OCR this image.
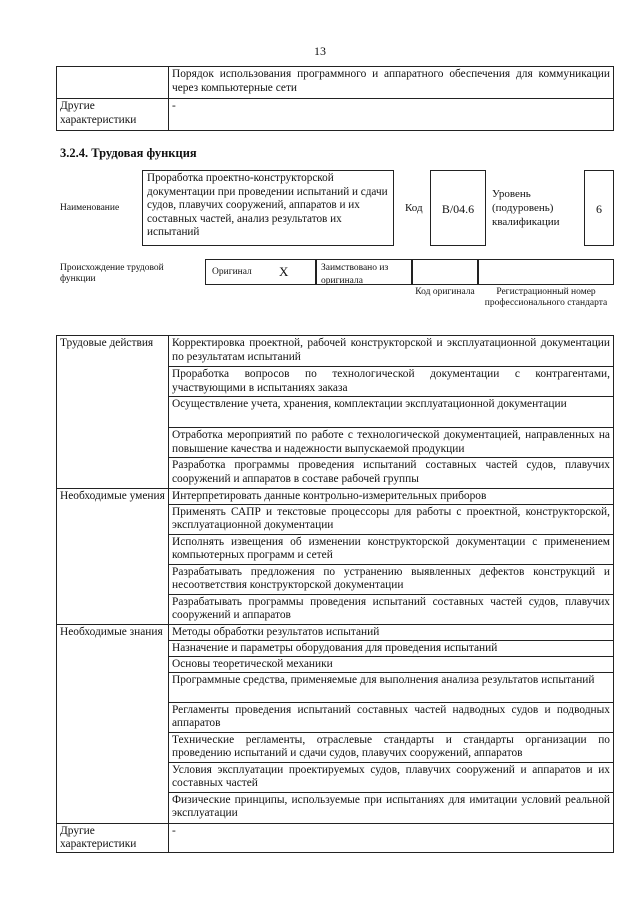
13
	Порядок использования программного и аппаратного обеспечения для коммуникации через компьютерные сети
Другие характеристики	-
3.2.4. Трудовая функция
Наименование
Проработка проектно-конструкторской документации при проведении испытаний и сдачи судов, плавучих сооружений, аппаратов и их составных частей, анализ результатов их испытаний
Код	B/04.6
Уровень (подуровень) квалификации
6
Происхождение трудовой функции
Оригинал X	Заимствовано из оригинала
Код оригинала	Регистрационный номер профессионального стандарта
Трудовые действия	Корректировка проектной, рабочей конструкторской и эксплуатационной документации по результатам испытаний
	Проработка вопросов по технологической документации с контрагентами, участвующими в испытаниях заказа
	Осуществление учета, хранения, комплектации эксплуатационной документации
	Отработка мероприятий по работе с технологической документацией, направленных на повышение качества и надежности выпускаемой продукции
	Разработка программы проведения испытаний составных частей судов, плавучих сооружений и аппаратов в составе рабочей группы
Необходимые умения	Интерпретировать данные контрольно-измерительных приборов
	Применять САПР и текстовые процессоры для работы с проектной, конструкторской, эксплуатационной документации
	Исполнять извещения об изменении конструкторской документации с применением компьютерных программ и сетей
	Разрабатывать предложения по устранению выявленных дефектов конструкций и несоответствия конструкторской документации
	Разрабатывать программы проведения испытаний составных частей судов, плавучих сооружений и аппаратов
Необходимые знания	Методы обработки результатов испытаний
	Назначение и параметры оборудования для проведения испытаний
	Основы теоретической механики
	Программные средства, применяемые для выполнения анализа результатов испытаний
	Регламенты проведения испытаний составных частей надводных судов и подводных аппаратов
	Технические регламенты, отраслевые стандарты и стандарты организации по проведению испытаний и сдачи судов, плавучих сооружений, аппаратов
	Условия эксплуатации проектируемых судов, плавучих сооружений и аппаратов и их составных частей
	Физические принципы, используемые при испытаниях для имитации условий реальной эксплуатации
Другие характеристики	-
